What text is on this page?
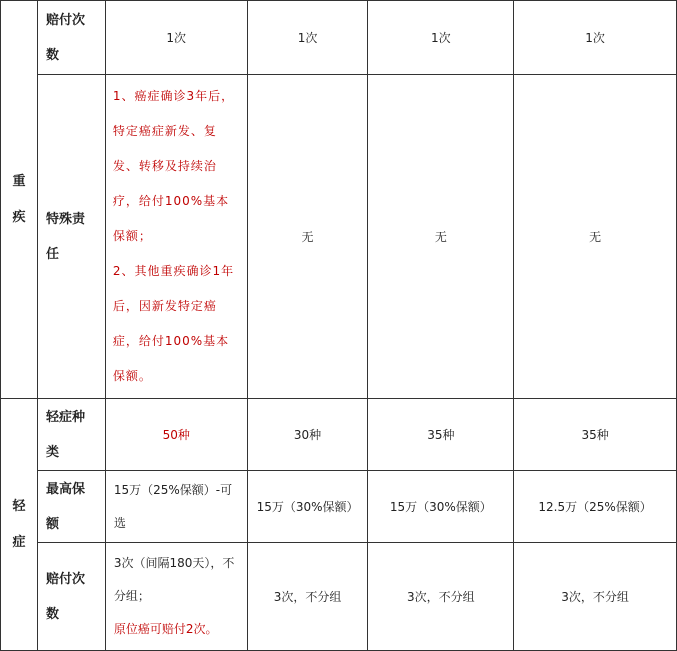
重疾	赔付次数	1次	1次	1次	1次
	特殊责任	1、癌症确诊3年后，特定癌症新发、复发、转移及持续治疗，给付100%基本保额；
2、其他重疾确诊1年后，因新发特定癌症，给付100%基本保额。	无	无	无
轻症	轻症种类	50种	30种	35种	35种
	最高保额	15万（25%保额）-可选	15万（30%保额）	15万（30%保额）	12.5万（25%保额）
	赔付次数	3次（间隔180天），不分组；
原位癌可赔付2次。	3次，不分组	3次，不分组	3次，不分组
